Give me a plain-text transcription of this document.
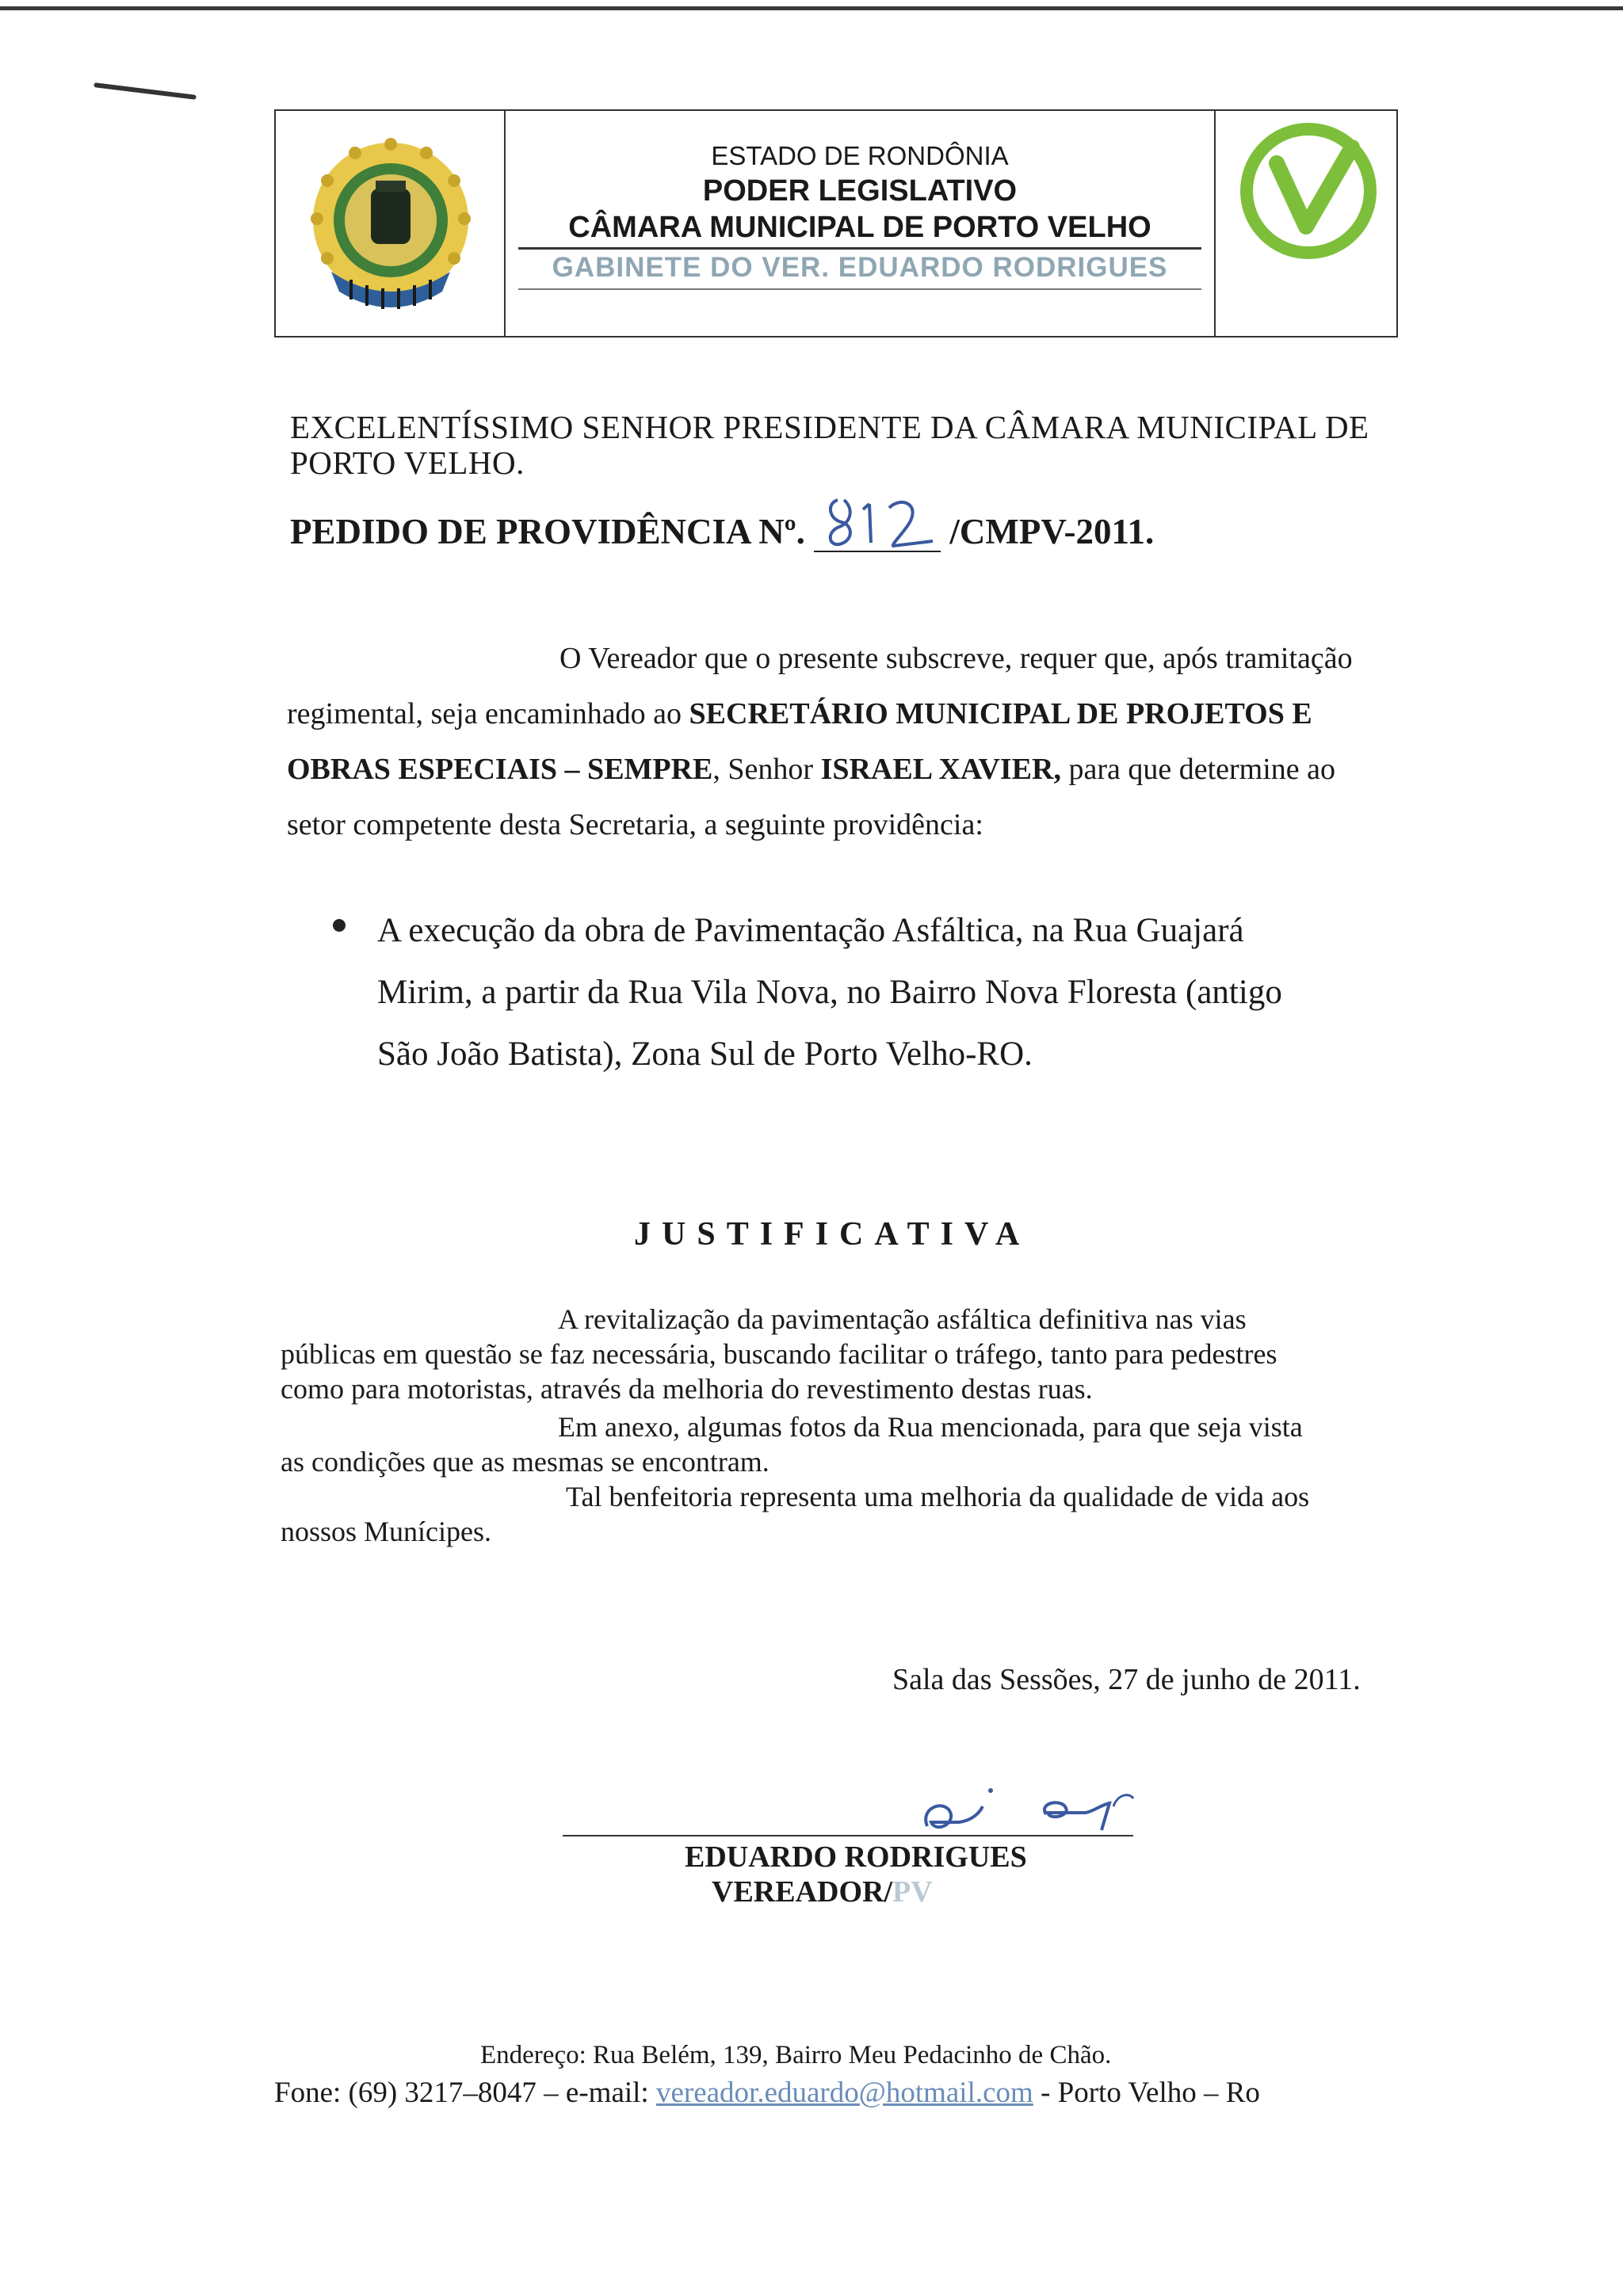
ESTADO DE RONDÔNIA
PODER LEGISLATIVO
CÂMARA MUNICIPAL DE PORTO VELHO
GABINETE DO VER. EDUARDO RODRIGUES
EXCELENTÍSSIMO SENHOR PRESIDENTE DA CÂMARA MUNICIPAL DE
PORTO VELHO.
PEDIDO DE PROVIDÊNCIA Nº.	/CMPV-2011.
O Vereador que o presente subscreve, requer que, após tramitação
regimental, seja encaminhado ao SECRETÁRIO MUNICIPAL DE PROJETOS E
OBRAS ESPECIAIS – SEMPRE, Senhor ISRAEL XAVIER, para que determine ao
setor competente desta Secretaria, a seguinte providência:
A execução da obra de Pavimentação Asfáltica, na Rua Guajará
Mirim, a partir da Rua Vila Nova, no Bairro Nova Floresta (antigo
São João Batista), Zona Sul de Porto Velho-RO.
JUSTIFICATIVA
A revitalização da pavimentação asfáltica definitiva nas vias
públicas em questão se faz necessária, buscando facilitar o tráfego, tanto para pedestres
como para motoristas, através da melhoria do revestimento destas ruas.
Em anexo, algumas fotos da Rua mencionada, para que seja vista
as condições que as mesmas se encontram.
Tal benfeitoria representa uma melhoria da qualidade de vida aos
nossos Munícipes.
Sala das Sessões, 27 de junho de 2011.
EDUARDO RODRIGUES
VEREADOR/PV
Endereço: Rua Belém, 139, Bairro Meu Pedacinho de Chão.
Fone: (69) 3217–8047 – e-mail: vereador.eduardo@hotmail.com - Porto Velho – Ro
